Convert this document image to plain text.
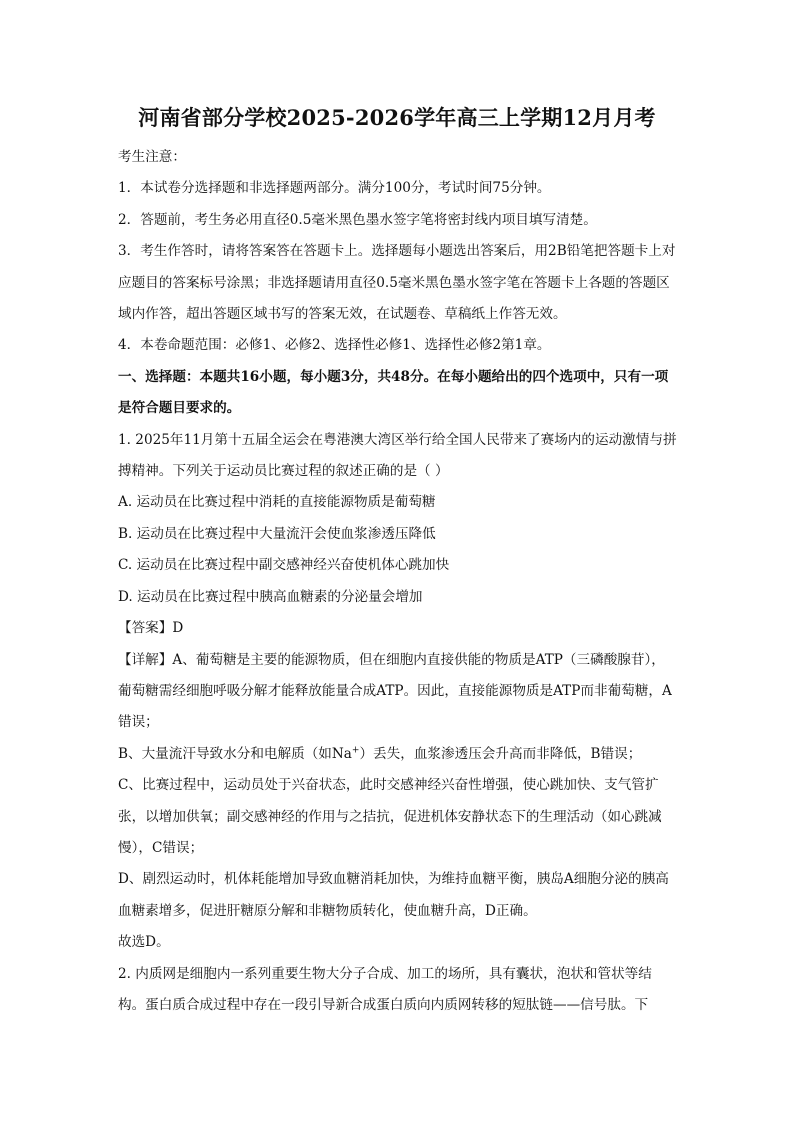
河南省部分学校2025-2026学年高三上学期12月月考

考生注意：

1．本试卷分选择题和非选择题两部分。满分100分，考试时间75分钟。

2．答题前，考生务必用直径0.5毫米黑色墨水签字笔将密封线内项目填写清楚。

3．考生作答时，请将答案答在答题卡上。选择题每小题选出答案后，用2B铅笔把答题卡上对应题目的答案标号涂黑；非选择题请用直径0.5毫米黑色墨水签字笔在答题卡上各题的答题区域内作答，超出答题区域书写的答案无效，在试题卷、草稿纸上作答无效。

4．本卷命题范围：必修1、必修2、选择性必修1、选择性必修2第1章。

一、选择题：本题共16小题，每小题3分，共48分。在每小题给出的四个选项中，只有一项是符合题目要求的。

1. 2025年11月第十五届全运会在粤港澳大湾区举行给全国人民带来了赛场内的运动激情与拼搏精神。下列关于运动员比赛过程的叙述正确的是（ ）

A. 运动员在比赛过程中消耗的直接能源物质是葡萄糖

B. 运动员在比赛过程中大量流汗会使血浆渗透压降低

C. 运动员在比赛过程中副交感神经兴奋使机体心跳加快

D. 运动员在比赛过程中胰高血糖素的分泌量会增加

【答案】D

【详解】A、葡萄糖是主要的能源物质，但在细胞内直接供能的物质是ATP（三磷酸腺苷），葡萄糖需经细胞呼吸分解才能释放能量合成ATP。因此，直接能源物质是ATP而非葡萄糖，A错误；

B、大量流汗导致水分和电解质（如Na+）丢失，血浆渗透压会升高而非降低，B错误；

C、比赛过程中，运动员处于兴奋状态，此时交感神经兴奋性增强，使心跳加快、支气管扩张，以增加供氧；副交感神经的作用与之拮抗，促进机体安静状态下的生理活动（如心跳减慢），C错误；

D、剧烈运动时，机体耗能增加导致血糖消耗加快，为维持血糖平衡，胰岛A细胞分泌的胰高血糖素增多，促进肝糖原分解和非糖物质转化，使血糖升高，D正确。

故选D。

2. 内质网是细胞内一系列重要生物大分子合成、加工的场所，具有囊状，泡状和管状等结构。蛋白质合成过程中存在一段引导新合成蛋白质向内质网转移的短肽链——信号肽。下
